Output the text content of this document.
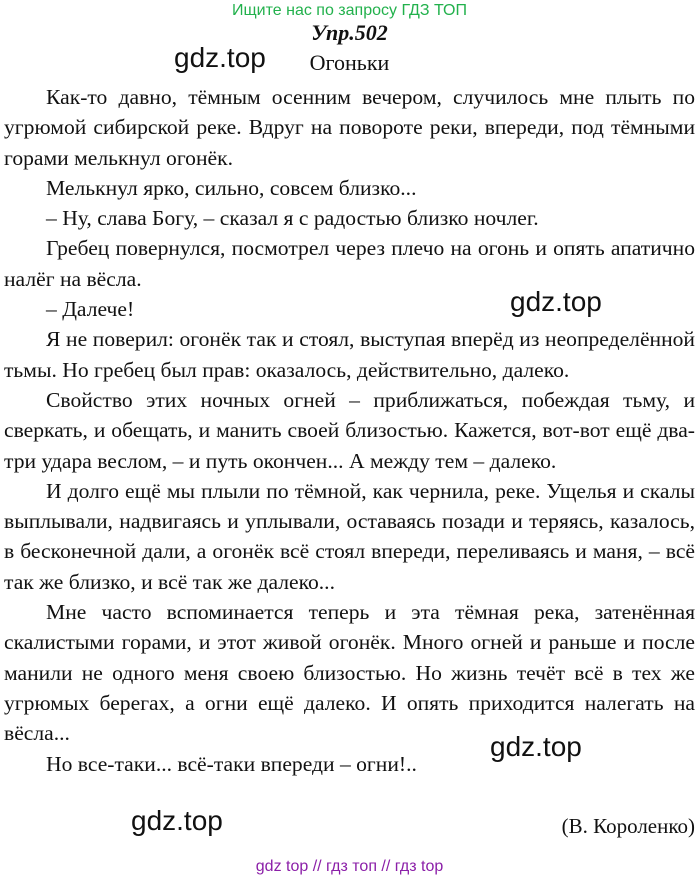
Ищите нас по запросу ГДЗ ТОП
Упр.502
Огоньки
gdz.top
gdz.top
gdz.top
gdz.top

Как-то давно, тёмным осенним вечером, случилось мне плыть по угрюмой сибирской реке. Вдруг на повороте реки, впереди, под тёмными горами мелькнул огонёк.

Мелькнул ярко, сильно, совсем близко...

– Ну, слава Богу, – сказал я с радостью близко ночлег.

Гребец повернулся, посмотрел через плечо на огонь и опять апатично налёг на вёсла.

– Далече!

Я не поверил: огонёк так и стоял, выступая вперёд из неопределённой тьмы. Но гребец был прав: оказалось, действительно, далеко.

Свойство этих ночных огней – приближаться, побеждая тьму, и сверкать, и обещать, и манить своей близостью. Кажется, вот-вот ещё два-три удара веслом, – и путь окончен... А между тем – далеко.

И долго ещё мы плыли по тёмной, как чернила, реке. Ущелья и скалы выплывали, надвигаясь и уплывали, оставаясь позади и теряясь, казалось, в бесконечной дали, а огонёк всё стоял впереди, переливаясь и маня, – всё так же близко, и всё так же далеко...

Мне часто вспоминается теперь и эта тёмная река, затенённая скалистыми горами, и этот живой огонёк. Много огней и раньше и после манили не одного меня своею близостью. Но жизнь течёт всё в тех же угрюмых берегах, а огни ещё далеко. И опять приходится налегать на вёсла...

Но все-таки... всё-таки впереди – огни!..

(В. Короленко)
gdz top // гдз топ // гдз top
